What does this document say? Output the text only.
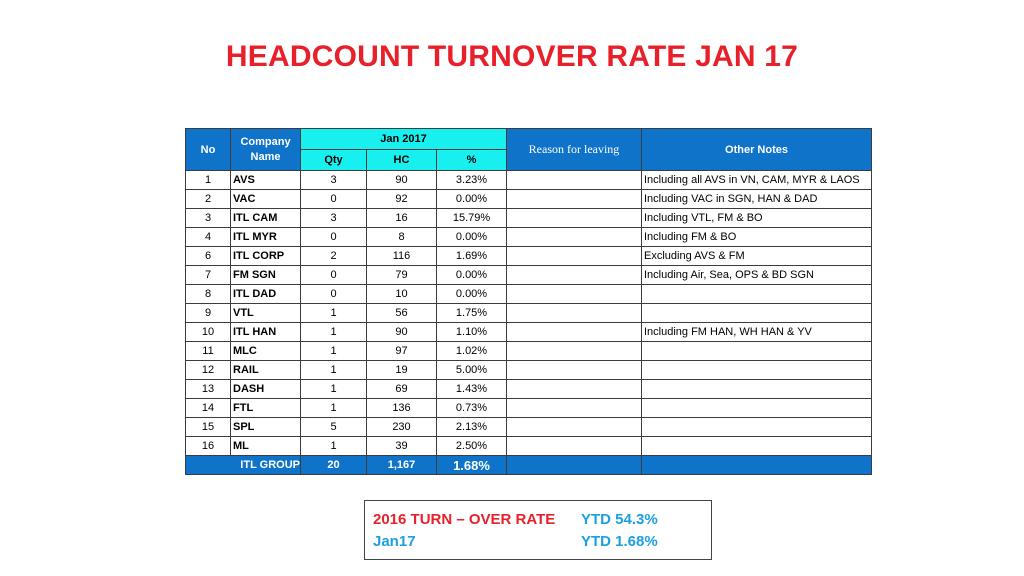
HEADCOUNT TURNOVER RATE JAN 17
No	Company Name	Jan 2017			Reason for leaving	Other Notes
		Qty	HC	%		
1	AVS	3	90	3.23%		Including all AVS in VN, CAM, MYR & LAOS
2	VAC	0	92	0.00%		Including VAC in SGN, HAN & DAD
3	ITL CAM	3	16	15.79%		Including VTL, FM & BO
4	ITL MYR	0	8	0.00%		Including FM & BO
6	ITL CORP	2	116	1.69%		Excluding AVS & FM
7	FM SGN	0	79	0.00%		Including Air, Sea, OPS & BD SGN
8	ITL DAD	0	10	0.00%		
9	VTL	1	56	1.75%		
10	ITL HAN	1	90	1.10%		Including FM HAN, WH HAN & YV
11	MLC	1	97	1.02%		
12	RAIL	1	19	5.00%		
13	DASH	1	69	1.43%		
14	FTL	1	136	0.73%		
15	SPL	5	230	2.13%		
16	ML	1	39	2.50%		
ITL GROUP		20	1,167	1.68%		
2016 TURN – OVER RATE YTD 54.3%
Jan17	YTD 1.68%
